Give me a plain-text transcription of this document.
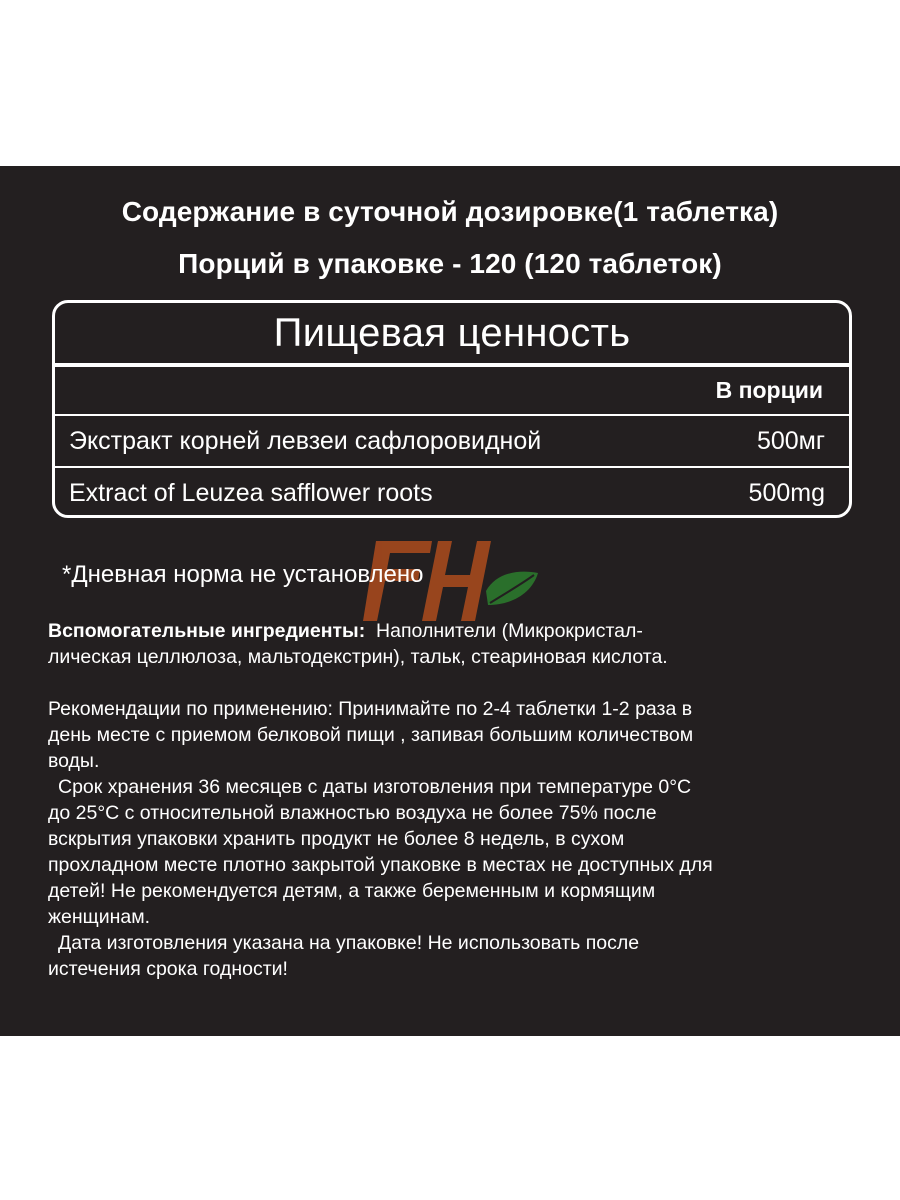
Содержание в суточной дозировке(1 таблетка)
Порций в упаковке - 120 (120 таблеток)
Пищевая ценность
В порции
Экстракт корней левзеи сафлоровидной	500мг
Extract of Leuzea safflower roots	500mg
*Дневная норма не установлено
Вспомогательные ингредиенты:  Наполнители (Микрокристал-
лическая целлюлоза, мальтодекстрин), тальк, стеариновая кислота.
Рекомендации по применению: Принимайте по 2-4 таблетки 1-2 раза в
день месте с приемом белковой пищи , запивая большим количеством
воды.
Срок хранения 36 месяцев с даты изготовления при температуре 0°C
до 25°C с относительной влажностью воздуха не более 75% после
вскрытия упаковки хранить продукт не более 8 недель, в сухом
прохладном месте плотно закрытой упаковке в местах не доступных для
детей! Не рекомендуется детям, а также беременным и кормящим
женщинам.
Дата изготовления указана на упаковке! Не использовать после
истечения срока годности!
